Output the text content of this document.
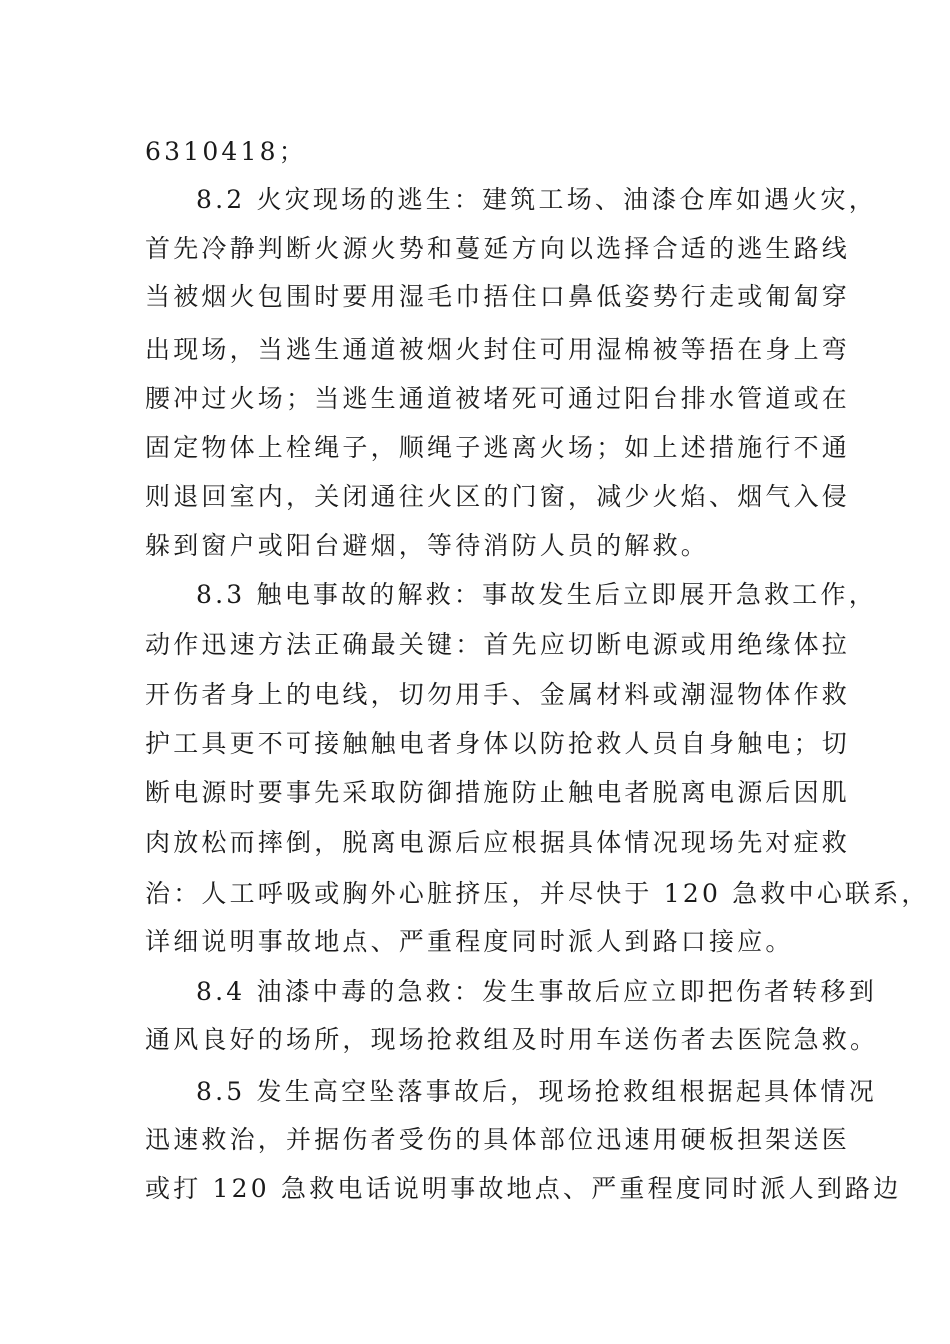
6310418；
8.2 火灾现场的逃生：建筑工场、油漆仓库如遇火灾，
首先冷静判断火源火势和蔓延方向以选择合适的逃生路线
当被烟火包围时要用湿毛巾捂住口鼻低姿势行走或匍匐穿
出现场，当逃生通道被烟火封住可用湿棉被等捂在身上弯
腰冲过火场；当逃生通道被堵死可通过阳台排水管道或在
固定物体上栓绳子，顺绳子逃离火场；如上述措施行不通
则退回室内，关闭通往火区的门窗，减少火焰、烟气入侵
躲到窗户或阳台避烟，等待消防人员的解救。
8.3 触电事故的解救：事故发生后立即展开急救工作，
动作迅速方法正确最关键：首先应切断电源或用绝缘体拉
开伤者身上的电线，切勿用手、金属材料或潮湿物体作救
护工具更不可接触触电者身体以防抢救人员自身触电；切
断电源时要事先采取防御措施防止触电者脱离电源后因肌
肉放松而摔倒，脱离电源后应根据具体情况现场先对症救
治：人工呼吸或胸外心脏挤压，并尽快于 120 急救中心联系，
详细说明事故地点、严重程度同时派人到路口接应。
8.4 油漆中毒的急救：发生事故后应立即把伤者转移到
通风良好的场所，现场抢救组及时用车送伤者去医院急救。
8.5 发生高空坠落事故后，现场抢救组根据起具体情况
迅速救治，并据伤者受伤的具体部位迅速用硬板担架送医
或打 120 急救电话说明事故地点、严重程度同时派人到路边
